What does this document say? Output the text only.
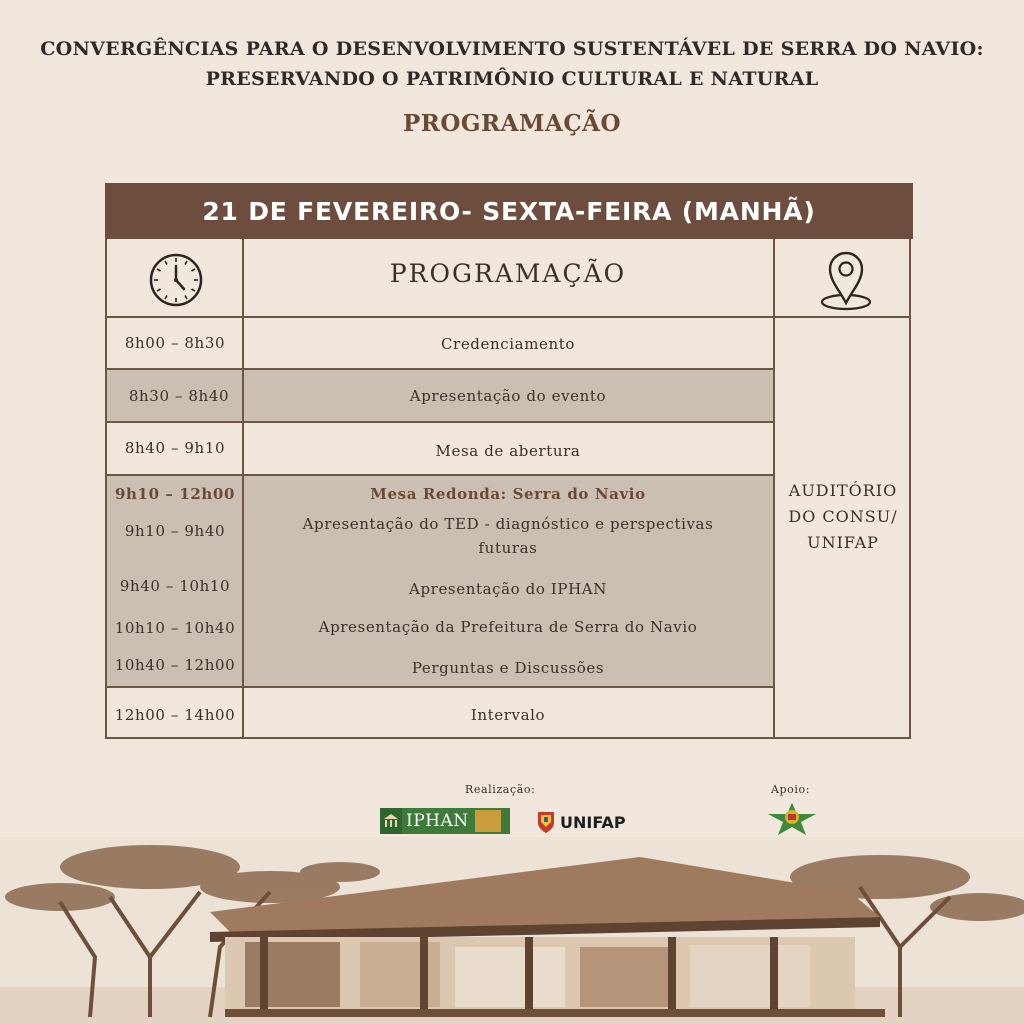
CONVERGÊNCIAS PARA O DESENVOLVIMENTO SUSTENTÁVEL DE SERRA DO NAVIO:
PRESERVANDO O PATRIMÔNIO CULTURAL E NATURAL
PROGRAMAÇÃO
21 DE FEVEREIRO- SEXTA-FEIRA (MANHÃ)
PROGRAMAÇÃO
8h00 – 8h30
8h30 – 8h40
8h40 – 9h10
9h10 – 12h00
9h10 – 9h40
9h40 – 10h10
10h10 – 10h40
10h40 – 12h00
12h00 – 14h00
Credenciamento
Apresentação do evento
Mesa de abertura
Mesa Redonda: Serra do Navio
Apresentação do TED - diagnóstico e perspectivas
futuras
Apresentação do IPHAN
Apresentação da Prefeitura de Serra do Navio
Perguntas e Discussões
Intervalo
AUDITÓRIO
DO CONSU/
UNIFAP
Realização:	Apoio:
IPHAN	UNIFAP
